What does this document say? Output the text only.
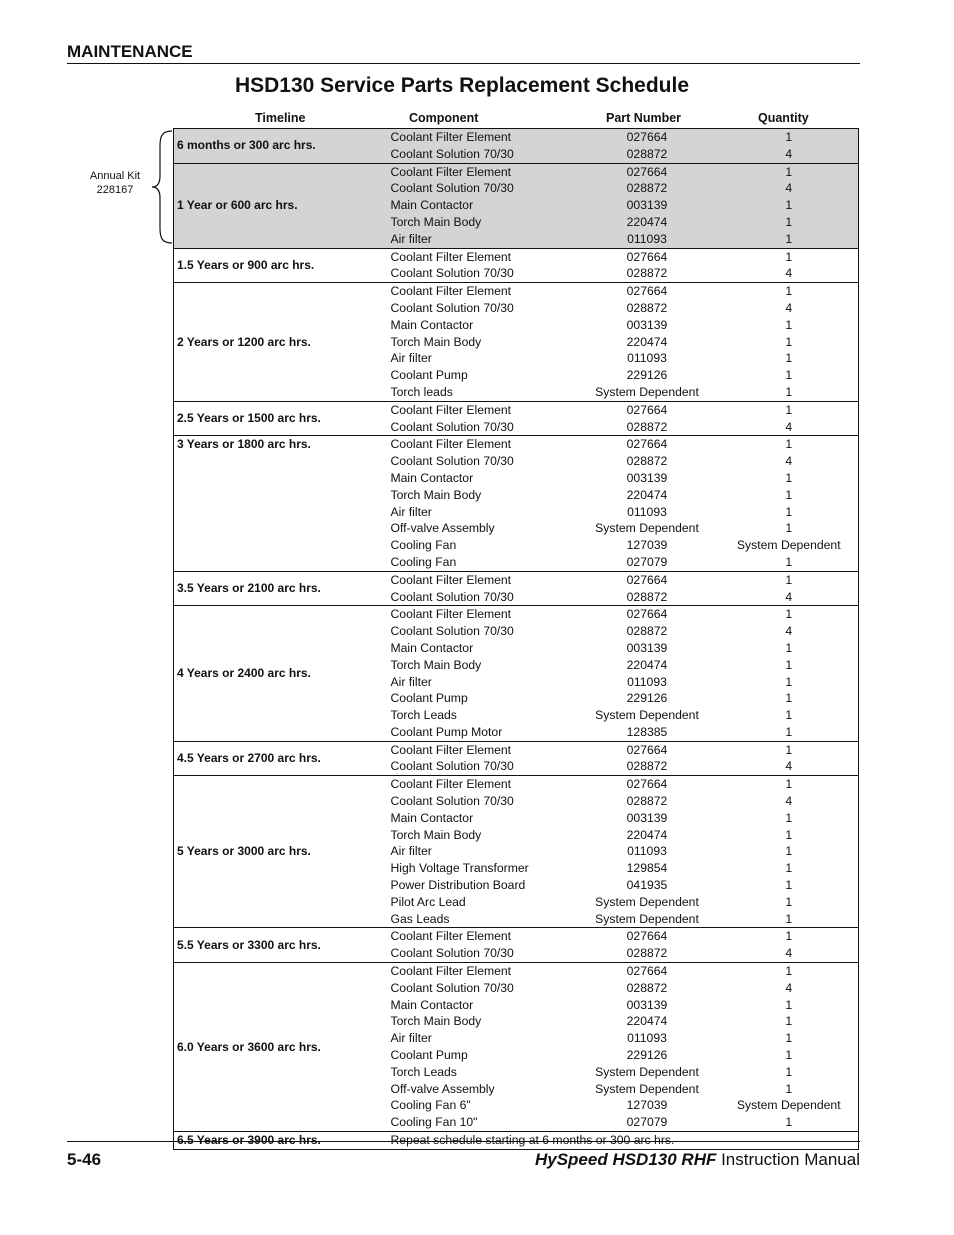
MAINTENANCE
HSD130 Service Parts Replacement Schedule
Timeline	Component	Part Number	Quantity
Annual Kit
228167
6 months or 300 arc hrs.	Coolant Filter Element	027664	1
	Coolant Solution 70/30	028872	4
1 Year or 600 arc hrs.	Coolant Filter Element	027664	1
	Coolant Solution 70/30	028872	4
	Main Contactor	003139	1
	Torch Main Body	220474	1
	Air filter	011093	1
1.5 Years or 900 arc hrs.	Coolant Filter Element	027664	1
	Coolant Solution 70/30	028872	4
2 Years or 1200 arc hrs.	Coolant Filter Element	027664	1
	Coolant Solution 70/30	028872	4
	Main Contactor	003139	1
	Torch Main Body	220474	1
	Air filter	011093	1
	Coolant Pump	229126	1
	Torch leads	System Dependent	1
2.5 Years or 1500 arc hrs.	Coolant Filter Element	027664	1
	Coolant Solution 70/30	028872	4
3 Years or 1800 arc hrs.	Coolant Filter Element	027664	1
	Coolant Solution 70/30	028872	4
	Main Contactor	003139	1
	Torch Main Body	220474	1
	Air filter	011093	1
	Off-valve Assembly	System Dependent	1
	Cooling Fan	127039	System Dependent
	Cooling Fan	027079	1
3.5 Years or 2100 arc hrs.	Coolant Filter Element	027664	1
	Coolant Solution 70/30	028872	4
4 Years or 2400 arc hrs.	Coolant Filter Element	027664	1
	Coolant Solution 70/30	028872	4
	Main Contactor	003139	1
	Torch Main Body	220474	1
	Air filter	011093	1
	Coolant Pump	229126	1
	Torch Leads	System Dependent	1
	Coolant Pump Motor	128385	1
4.5 Years or 2700 arc hrs.	Coolant Filter Element	027664	1
	Coolant Solution 70/30	028872	4
5 Years or 3000 arc hrs.	Coolant Filter Element	027664	1
	Coolant Solution 70/30	028872	4
	Main Contactor	003139	1
	Torch Main Body	220474	1
	Air filter	011093	1
	High Voltage Transformer	129854	1
	Power Distribution Board	041935	1
	Pilot Arc Lead	System Dependent	1
	Gas Leads	System Dependent	1
5.5 Years or 3300 arc hrs.	Coolant Filter Element	027664	1
	Coolant Solution 70/30	028872	4
6.0 Years or 3600 arc hrs.	Coolant Filter Element	027664	1
	Coolant Solution 70/30	028872	4
	Main Contactor	003139	1
	Torch Main Body	220474	1
	Air filter	011093	1
	Coolant Pump	229126	1
	Torch Leads	System Dependent	1
	Off-valve Assembly	System Dependent	1
	Cooling Fan 6"	127039	System Dependent
	Cooling Fan 10"	027079	1
6.5 Years or 3900 arc hrs.	Repeat schedule starting at 6 months or 300 arc hrs.		
5-46	HySpeed HSD130 RHF Instruction Manual
